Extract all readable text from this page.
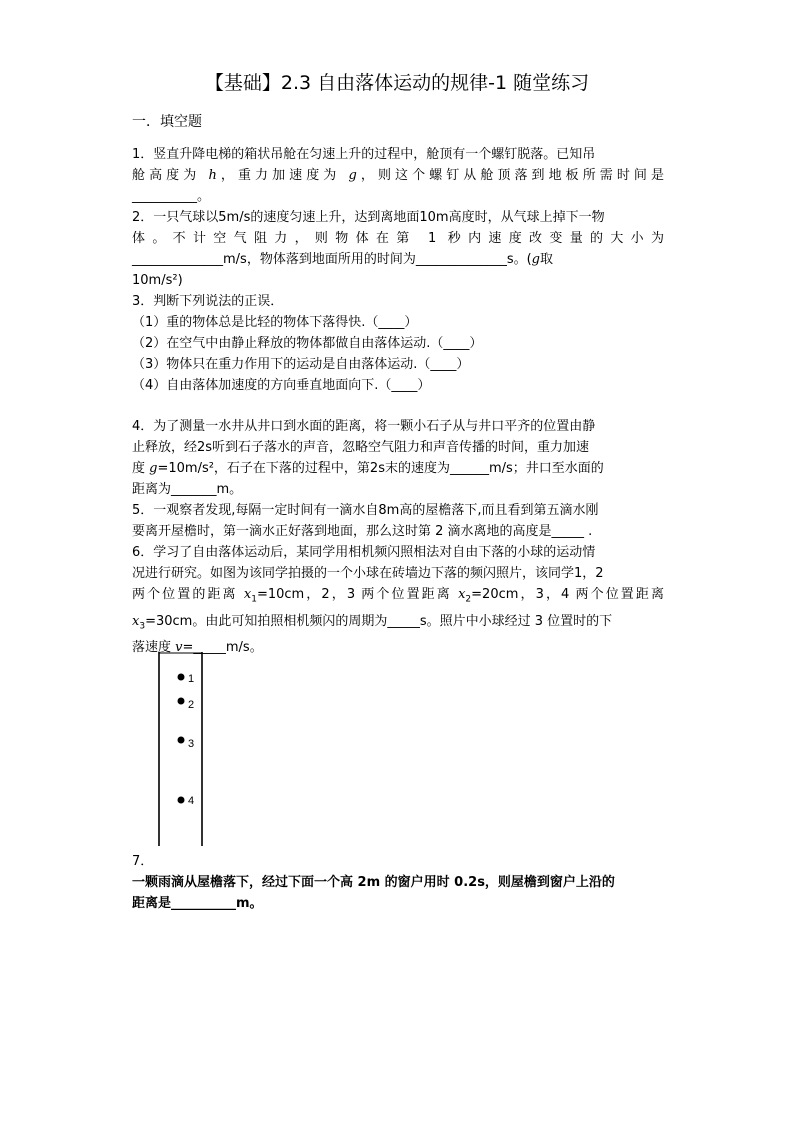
【基础】2.3 自由落体运动的规律-1 随堂练习
一．填空题
1．竖直升降电梯的箱状吊舱在匀速上升的过程中，舱顶有一个螺钉脱落。已知吊
舱高度为 h，重力加速度为 g，则这个螺钉从舱顶落到地板所需时间是
__________。
2．一只气球以5m/s的速度匀速上升，达到离地面10m高度时，从气球上掉下一物
体。不计空气阻力，则物体在第 1 秒内速度改变量的大小为
______________m/s，物体落到地面所用的时间为______________s。(g取
10m/s²)
3．判断下列说法的正误．
（1）重的物体总是比轻的物体下落得快.（____）
（2）在空气中由静止释放的物体都做自由落体运动.（____）
（3）物体只在重力作用下的运动是自由落体运动.（____）
（4）自由落体加速度的方向垂直地面向下.（____）
4．为了测量一水井从井口到水面的距离，将一颗小石子从与井口平齐的位置由静
止释放，经2s听到石子落水的声音，忽略空气阻力和声音传播的时间，重力加速
度 g=10m/s²，石子在下落的过程中，第2s末的速度为______m/s；井口至水面的
距离为_______m。
5．一观察者发现,每隔一定时间有一滴水自8m高的屋檐落下,而且看到第五滴水刚
要离开屋檐时，第一滴水正好落到地面，那么这时第 2 滴水离地的高度是_____ .
6．学习了自由落体运动后，某同学用相机频闪照相法对自由下落的小球的运动情
况进行研究。如图为该同学拍摄的一个小球在砖墙边下落的频闪照片，该同学1，2
两个位置的距离 $x_1=10cm$，2，3 两个位置距离 $x_2=20cm$，3，4 两个位置距离
$x_3=30cm$。由此可知拍照相机频闪的周期为_____s。照片中小球经过 3 位置时的下
落速度 v=_____m/s。
1
2
3
4
7．
一颗雨滴从屋檐落下，经过下面一个高 2m 的窗户用时 0.2s，则屋檐到窗户上沿的
距离是__________m。
